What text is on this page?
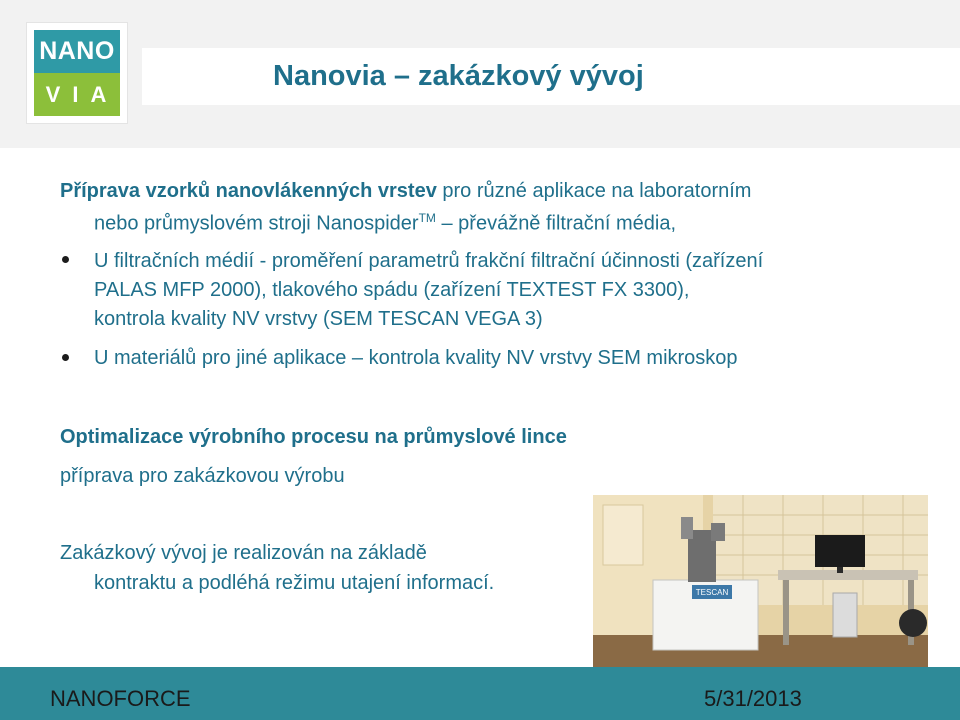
NANO
VIA
Nanovia – zakázkový vývoj
Příprava vzorků nanovlákenných vrstev pro různé aplikace na laboratorním
nebo průmyslovém stroji Nanospider™ – převážně filtrační média,
U filtračních médií - proměření parametrů frakční filtrační účinnosti (zařízení
PALAS MFP 2000), tlakového spádu (zařízení TEXTEST FX 3300),
kontrola kvality NV vrstvy (SEM TESCAN VEGA 3)
U materiálů pro jiné aplikace – kontrola kvality NV vrstvy SEM mikroskop
Optimalizace výrobního procesu na průmyslové lince
příprava pro zakázkovou výrobu
Zakázkový vývoj je realizován na základě
kontraktu a podléhá režimu utajení informací.	TESCAN
NANOFORCE	5/31/2013
